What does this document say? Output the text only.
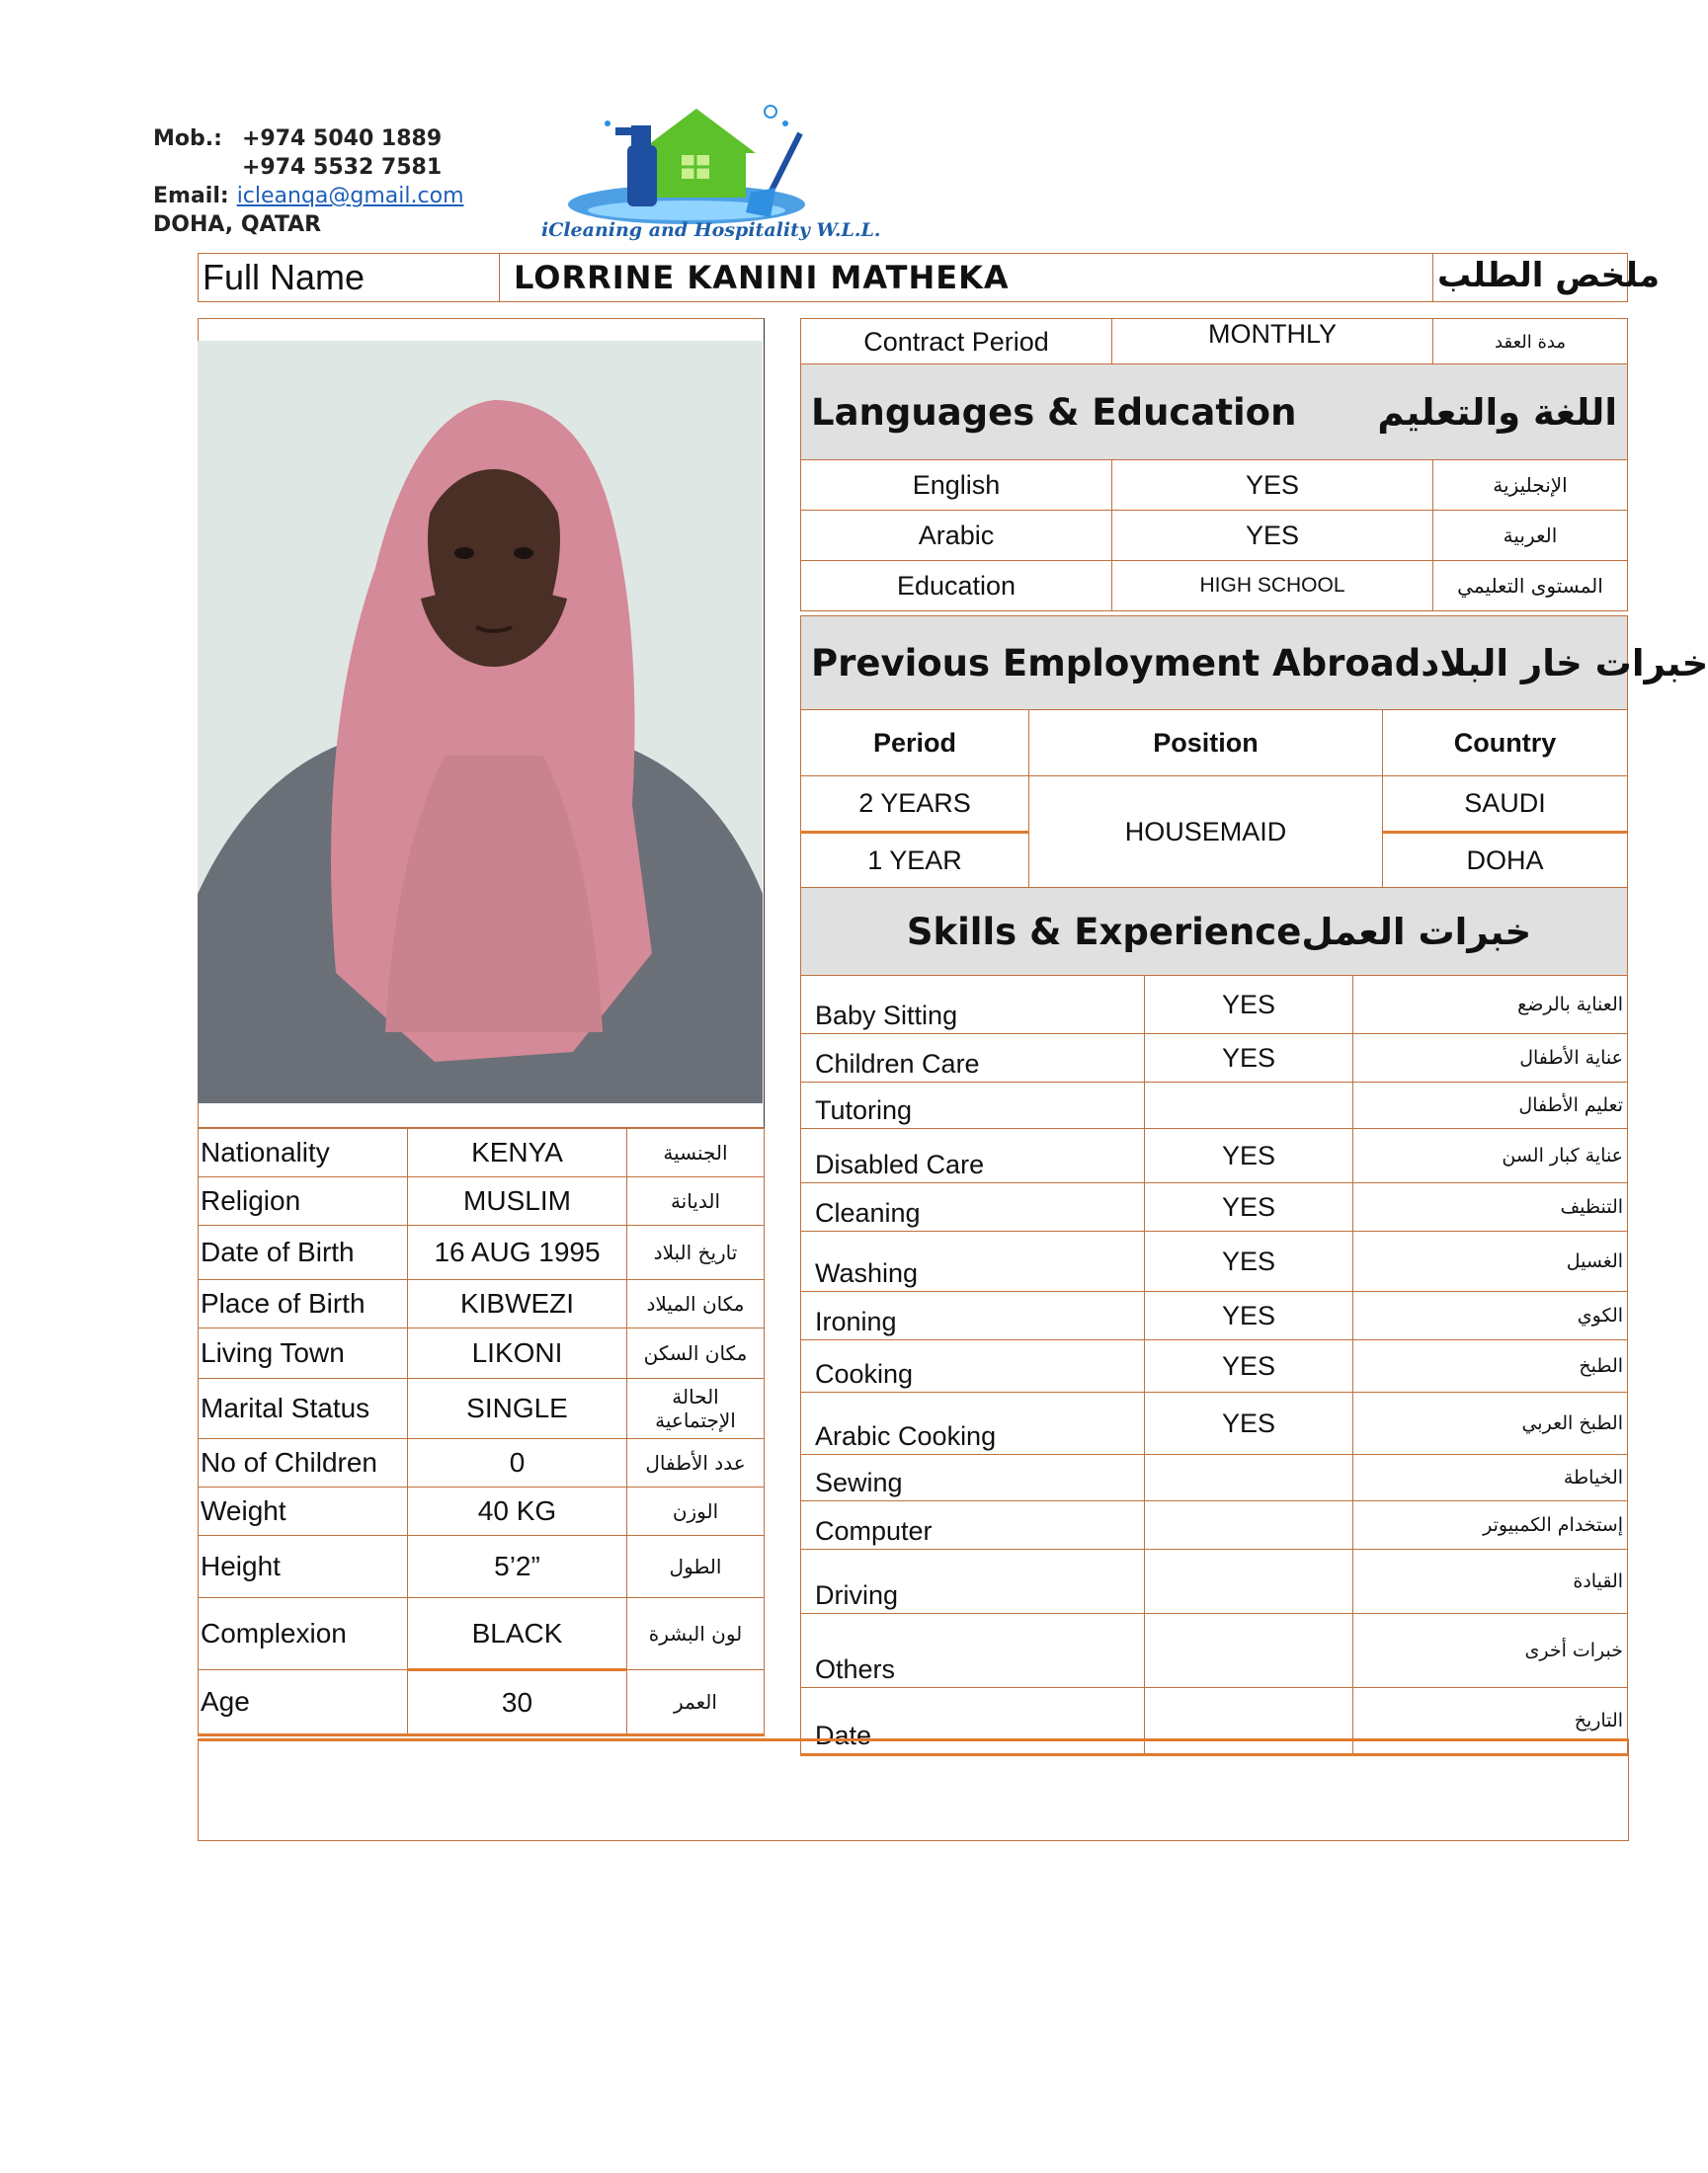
Mob.: +974 5040 1889
+974 5532 7581
Email: icleanqa@gmail.com
DOHA, QATAR	iCleaning and Hospitality W.L.L.
Full Name	LORRINE KANINI MATHEKA	ملخص الطلب
Nationality	KENYA	الجنسية
Religion	MUSLIM	الديانة
Date of Birth	16 AUG 1995	تاريخ البلاد
Place of Birth	KIBWEZI	مكان الميلاد
Living Town	LIKONI	مكان السكن
Marital Status	SINGLE	الحالة الإجتماعية
No of Children	0	عدد الأطفال
Weight	40 KG	الوزن
Height	5’2”	الطول
Complexion	BLACK	لون البشرة
Age	30	العمر
Contract Period	MONTHLY	مدة العقد
Languages & Education اللغة والتعليم		

English	YES	الإنجليزية
Arabic	YES	العربية
Education	HIGH SCHOOL	المستوى التعليمي
Previous Employment Abroad خبرات خار البلاد		

Period	Position	Country
2 YEARS	HOUSEMAID	SAUDI
1 YEAR		DOHA
Skills & Experienceخبرات العمل		
Baby Sitting	YES	العناية بالرضع
Children Care	YES	عناية الأطفال
Tutoring		تعليم الأطفال
Disabled Care	YES	عناية كبار السن
Cleaning	YES	التنظيف
Washing	YES	الغسيل
Ironing	YES	الكوي
Cooking	YES	الطبخ
Arabic Cooking	YES	الطبخ العربي
Sewing		الخياطة
Computer		إستخدام الكمبيوتر
Driving		القيادة
Others		خبرات أخرى
Date		التاريخ
